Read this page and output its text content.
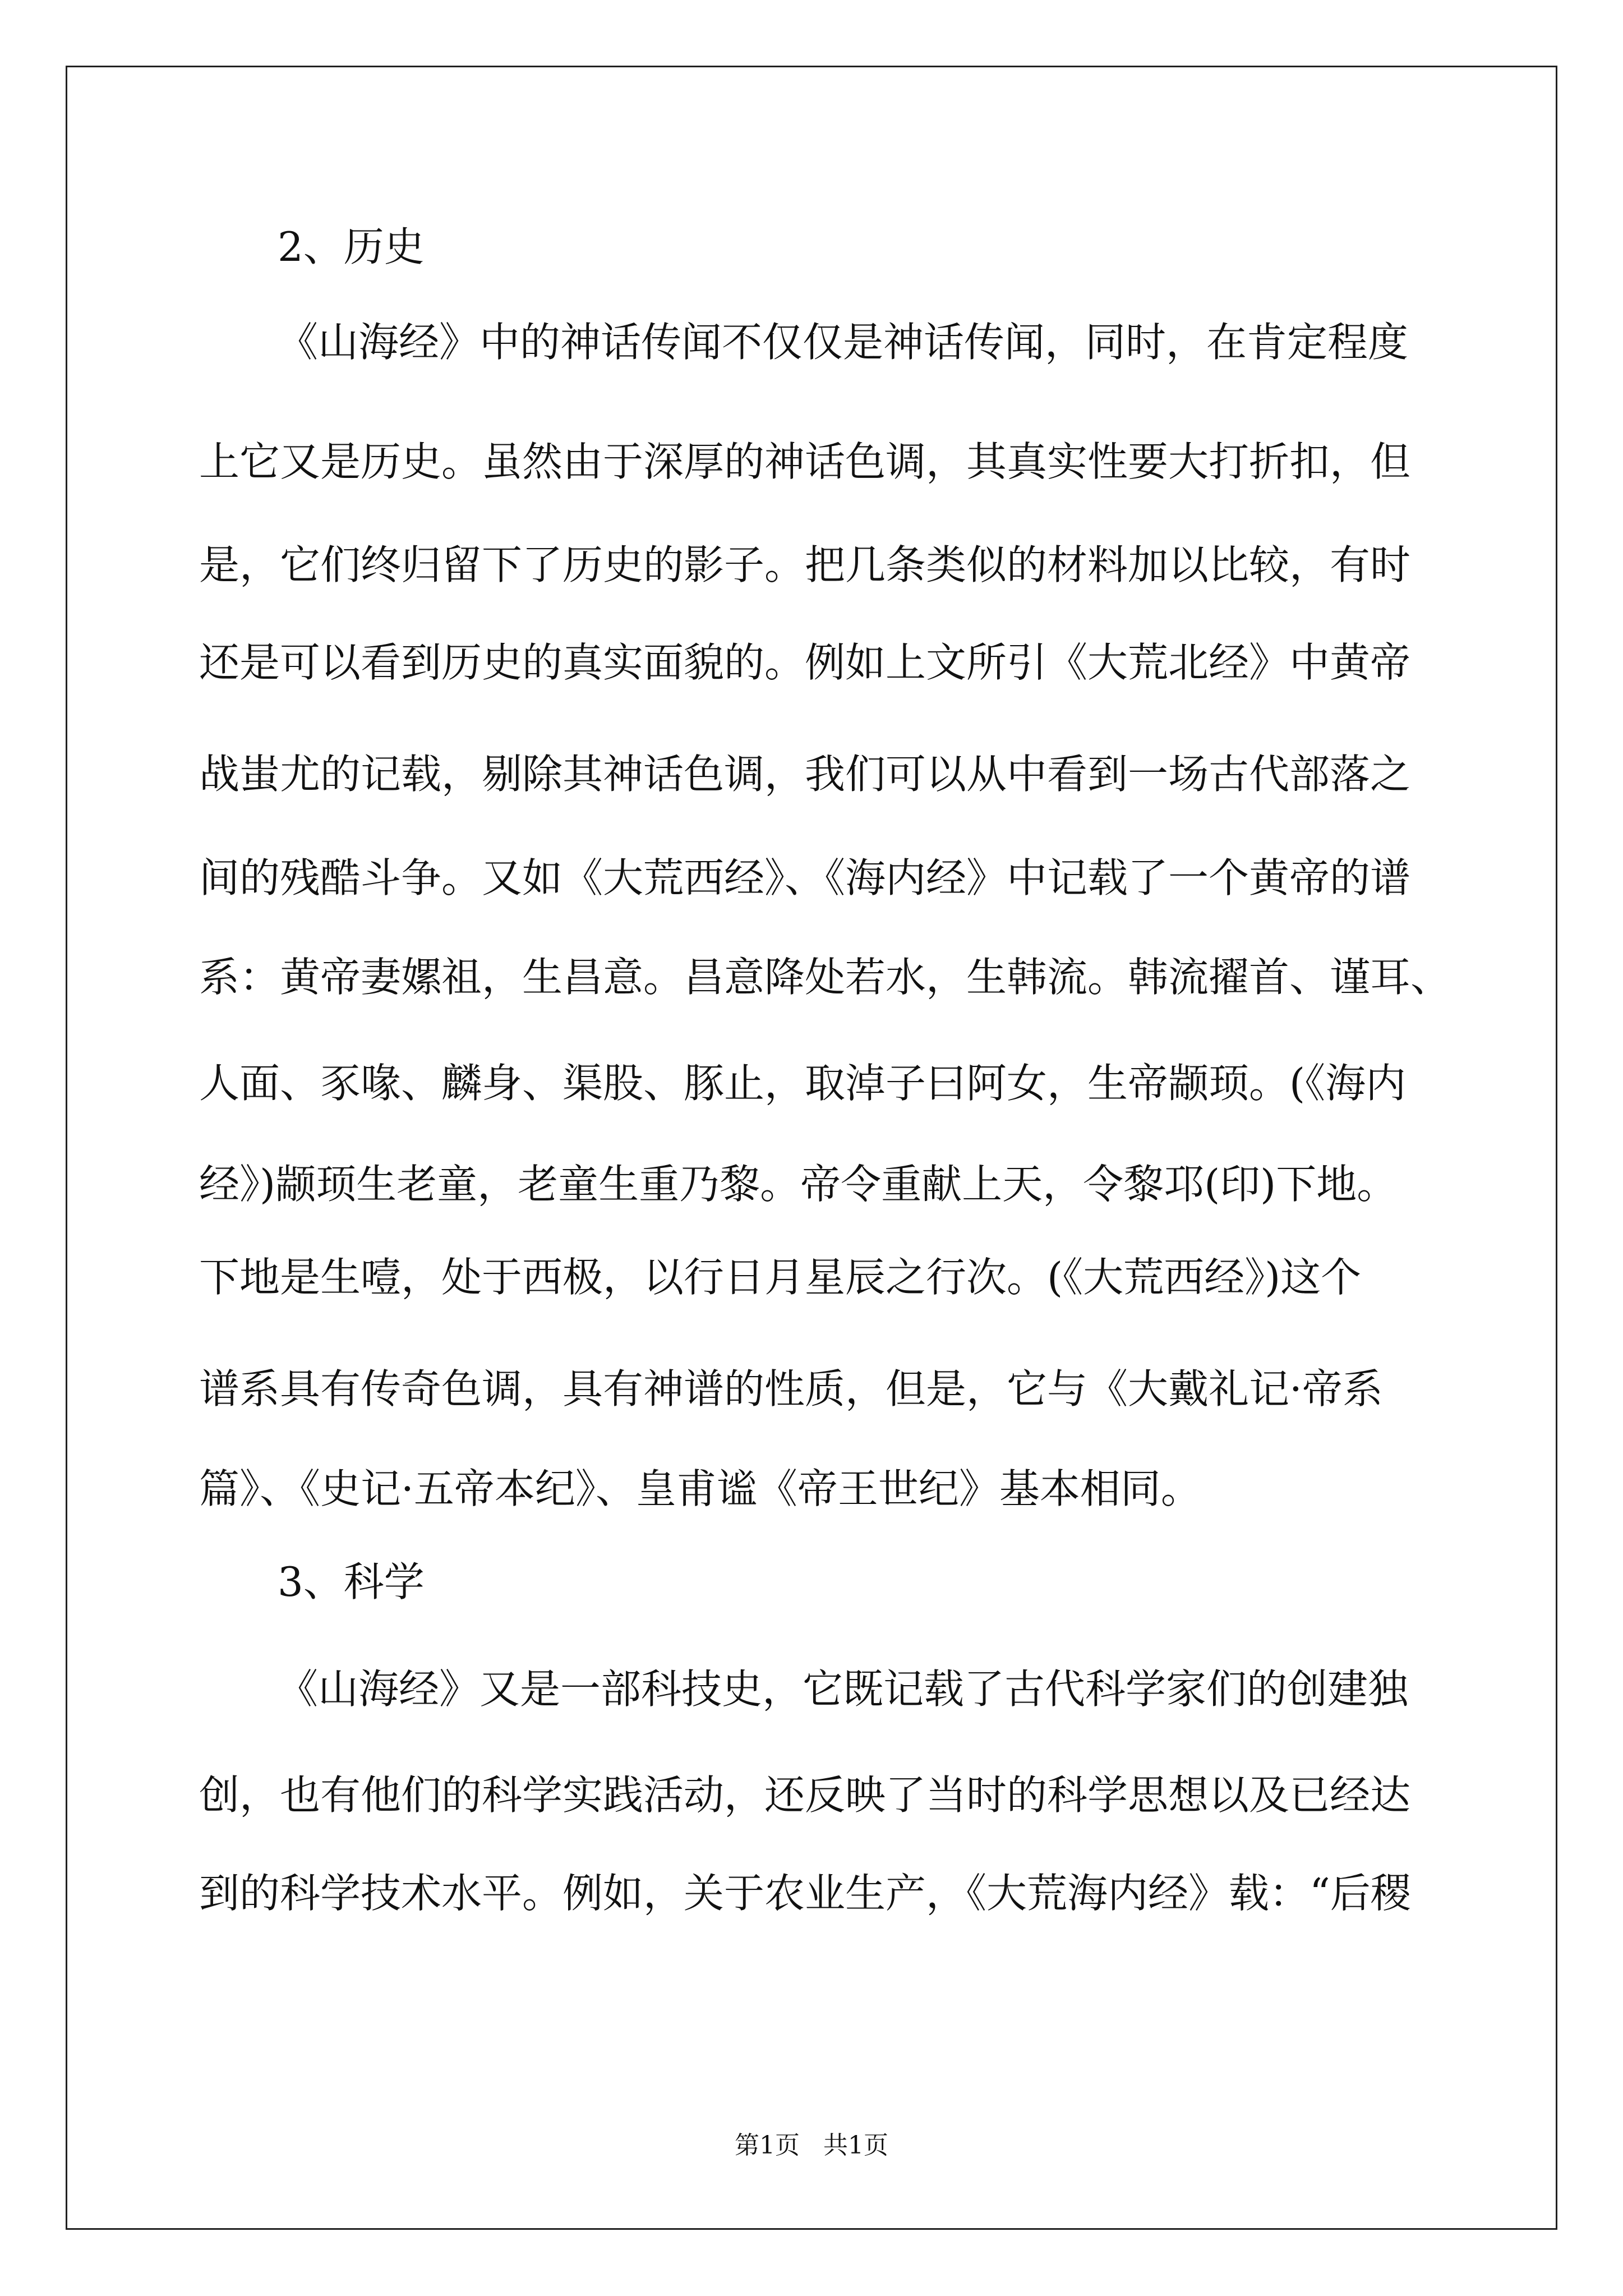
2、历史
《山海经》中的神话传闻不仅仅是神话传闻，同时，在肯定程度
上它又是历史。虽然由于深厚的神话色调，其真实性要大打折扣，但
是，它们终归留下了历史的影子。把几条类似的材料加以比较，有时
还是可以看到历史的真实面貌的。例如上文所引《大荒北经》中黄帝
战蚩尤的记载，剔除其神话色调，我们可以从中看到一场古代部落之
间的残酷斗争。又如《大荒西经》、《海内经》中记载了一个黄帝的谱
系：黄帝妻嫘祖，生昌意。昌意降处若水，生韩流。韩流擢首、谨耳、
人面、豕喙、麟身、渠股、豚止，取淖子曰阿女，生帝颛顼。(《海内
经》)颛顼生老童，老童生重乃黎。帝令重献上天，令黎邛(印)下地。
下地是生噎，处于西极，以行日月星辰之行次。(《大荒西经》)这个
谱系具有传奇色调，具有神谱的性质，但是，它与《大戴礼记·帝系
篇》、《史记·五帝本纪》、皇甫谧《帝王世纪》基本相同。
3、科学
《山海经》又是一部科技史，它既记载了古代科学家们的创建独
创，也有他们的科学实践活动，还反映了当时的科学思想以及已经达
到的科学技术水平。例如，关于农业生产，《大荒海内经》载：“后稷
第1页   共1页
